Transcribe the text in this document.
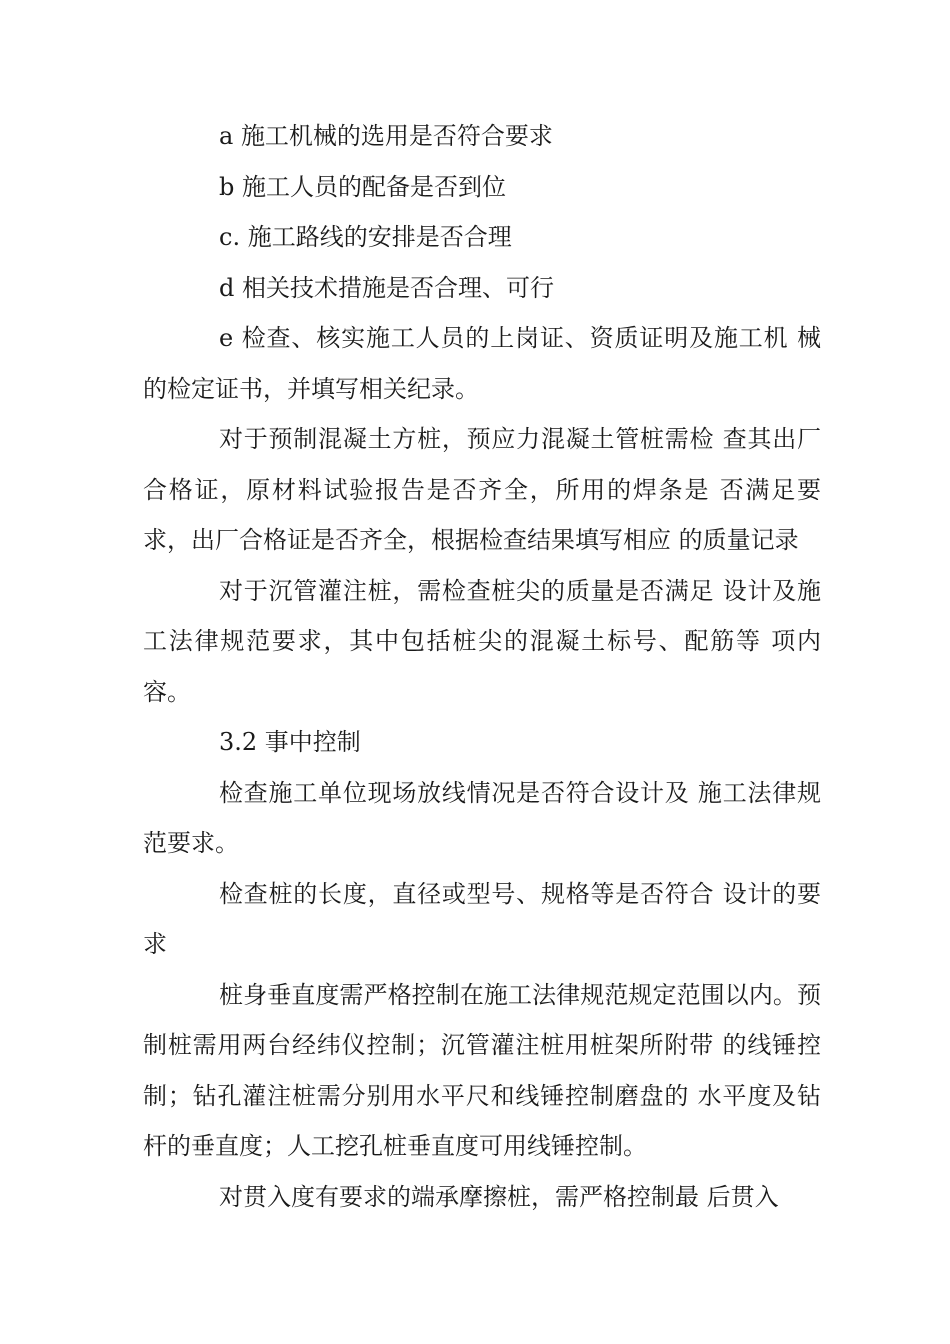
a 施工机械的选用是否符合要求

b 施工人员的配备是否到位

c. 施工路线的安排是否合理

d 相关技术措施是否合理、可行

e 检查、核实施工人员的上岗证、资质证明及施工机 械的检定证书，并填写相关纪录。

对于预制混凝土方桩，预应力混凝土管桩需检 查其出厂合格证，原材料试验报告是否齐全，所用的焊条是 否满足要求，出厂合格证是否齐全，根据检查结果填写相应 的质量记录

对于沉管灌注桩，需检查桩尖的质量是否满足 设计及施工法律规范要求，其中包括桩尖的混凝土标号、配筋等 项内容。

3.2 事中控制

检查施工单位现场放线情况是否符合设计及 施工法律规范要求。

检查桩的长度，直径或型号、规格等是否符合 设计的要求

桩身垂直度需严格控制在施工法律规范规定范围以内。预制桩需用两台经纬仪控制；沉管灌注桩用桩架所附带 的线锤控制；钻孔灌注桩需分别用水平尺和线锤控制磨盘的 水平度及钻杆的垂直度；人工挖孔桩垂直度可用线锤控制。

对贯入度有要求的端承摩擦桩，需严格控制最 后贯入
